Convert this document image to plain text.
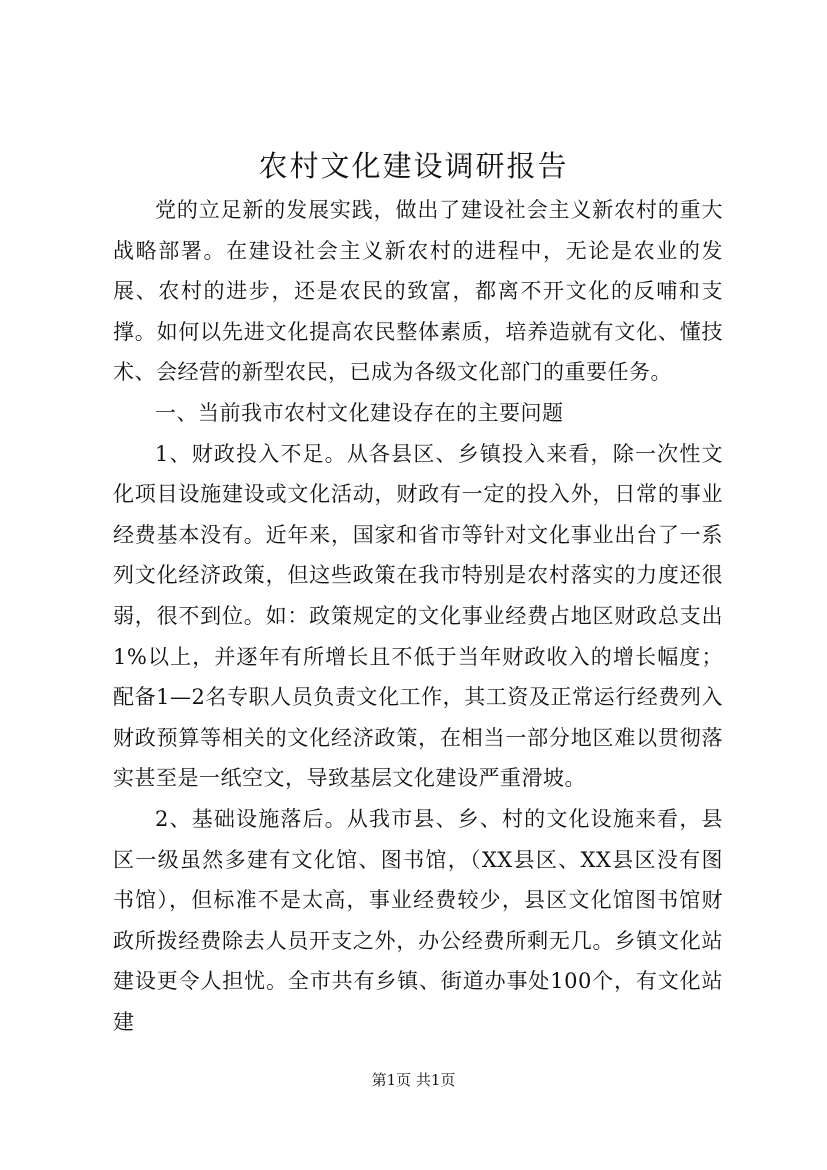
农村文化建设调研报告

党的立足新的发展实践，做出了建设社会主义新农村的重大战略部署。在建设社会主义新农村的进程中，无论是农业的发展、农村的进步，还是农民的致富，都离不开文化的反哺和支撑。如何以先进文化提高农民整体素质，培养造就有文化、懂技术、会经营的新型农民，已成为各级文化部门的重要任务。

一、当前我市农村文化建设存在的主要问题

1、财政投入不足。从各县区、乡镇投入来看，除一次性文化项目设施建设或文化活动，财政有一定的投入外，日常的事业经费基本没有。近年来，国家和省市等针对文化事业出台了一系列文化经济政策，但这些政策在我市特别是农村落实的力度还很弱，很不到位。如：政策规定的文化事业经费占地区财政总支出1%以上，并逐年有所增长且不低于当年财政收入的增长幅度；配备1—2名专职人员负责文化工作，其工资及正常运行经费列入财政预算等相关的文化经济政策，在相当一部分地区难以贯彻落实甚至是一纸空文，导致基层文化建设严重滑坡。

2、基础设施落后。从我市县、乡、村的文化设施来看，县区一级虽然多建有文化馆、图书馆，（XX县区、XX县区没有图书馆），但标准不是太高，事业经费较少，县区文化馆图书馆财政所拨经费除去人员开支之外，办公经费所剩无几。乡镇文化站建设更令人担忧。全市共有乡镇、街道办事处100个，有文化站建

第1页 共1页
